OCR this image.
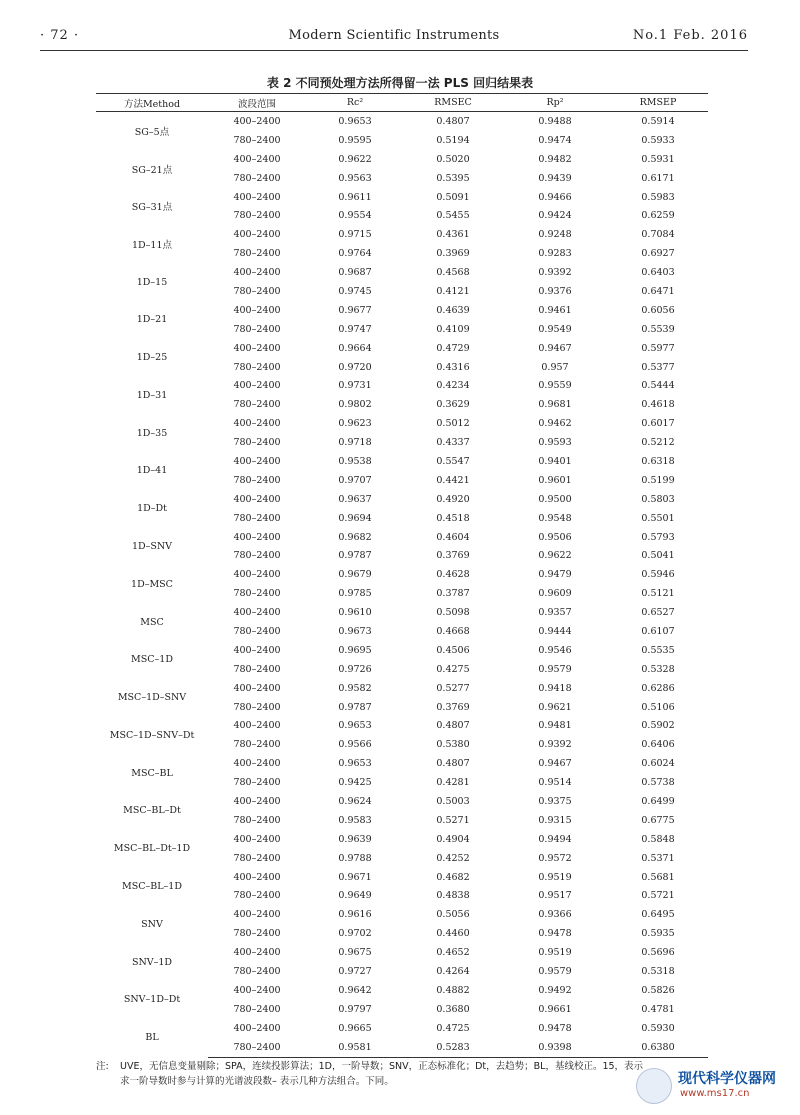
· 72 ·	Modern Scientific Instruments	No.1 Feb. 2016
表 2 不同预处理方法所得留一法 PLS 回归结果表
方法Method	波段范围	Rc²	RMSEC	Rp²	RMSEP
SG–5点	400–2400	0.9653	0.4807	0.9488	0.5914
	780–2400	0.9595	0.5194	0.9474	0.5933
SG–21点	400–2400	0.9622	0.5020	0.9482	0.5931
	780–2400	0.9563	0.5395	0.9439	0.6171
SG–31点	400–2400	0.9611	0.5091	0.9466	0.5983
	780–2400	0.9554	0.5455	0.9424	0.6259
1D–11点	400–2400	0.9715	0.4361	0.9248	0.7084
	780–2400	0.9764	0.3969	0.9283	0.6927
1D–15	400–2400	0.9687	0.4568	0.9392	0.6403
	780–2400	0.9745	0.4121	0.9376	0.6471
1D–21	400–2400	0.9677	0.4639	0.9461	0.6056
	780–2400	0.9747	0.4109	0.9549	0.5539
1D–25	400–2400	0.9664	0.4729	0.9467	0.5977
	780–2400	0.9720	0.4316	0.957	0.5377
1D–31	400–2400	0.9731	0.4234	0.9559	0.5444
	780–2400	0.9802	0.3629	0.9681	0.4618
1D–35	400–2400	0.9623	0.5012	0.9462	0.6017
	780–2400	0.9718	0.4337	0.9593	0.5212
1D–41	400–2400	0.9538	0.5547	0.9401	0.6318
	780–2400	0.9707	0.4421	0.9601	0.5199
1D–Dt	400–2400	0.9637	0.4920	0.9500	0.5803
	780–2400	0.9694	0.4518	0.9548	0.5501
1D–SNV	400–2400	0.9682	0.4604	0.9506	0.5793
	780–2400	0.9787	0.3769	0.9622	0.5041
1D–MSC	400–2400	0.9679	0.4628	0.9479	0.5946
	780–2400	0.9785	0.3787	0.9609	0.5121
MSC	400–2400	0.9610	0.5098	0.9357	0.6527
	780–2400	0.9673	0.4668	0.9444	0.6107
MSC–1D	400–2400	0.9695	0.4506	0.9546	0.5535
	780–2400	0.9726	0.4275	0.9579	0.5328
MSC–1D–SNV	400–2400	0.9582	0.5277	0.9418	0.6286
	780–2400	0.9787	0.3769	0.9621	0.5106
MSC–1D–SNV–Dt	400–2400	0.9653	0.4807	0.9481	0.5902
	780–2400	0.9566	0.5380	0.9392	0.6406
MSC–BL	400–2400	0.9653	0.4807	0.9467	0.6024
	780–2400	0.9425	0.4281	0.9514	0.5738
MSC–BL–Dt	400–2400	0.9624	0.5003	0.9375	0.6499
	780–2400	0.9583	0.5271	0.9315	0.6775
MSC–BL–Dt–1D	400–2400	0.9639	0.4904	0.9494	0.5848
	780–2400	0.9788	0.4252	0.9572	0.5371
MSC–BL–1D	400–2400	0.9671	0.4682	0.9519	0.5681
	780–2400	0.9649	0.4838	0.9517	0.5721
SNV	400–2400	0.9616	0.5056	0.9366	0.6495
	780–2400	0.9702	0.4460	0.9478	0.5935
SNV–1D	400–2400	0.9675	0.4652	0.9519	0.5696
	780–2400	0.9727	0.4264	0.9579	0.5318
SNV–1D–Dt	400–2400	0.9642	0.4882	0.9492	0.5826
	780–2400	0.9797	0.3680	0.9661	0.4781
BL	400–2400	0.9665	0.4725	0.9478	0.5930
	780–2400	0.9581	0.5283	0.9398	0.6380
注:	UVE，无信息变量剔除；SPA，连续投影算法；1D，一阶导数；SNV，正态标准化；Dt，去趋势；BL，基线校正。15，表示
求一阶导数时参与计算的光谱波段数– 表示几种方法组合。下同。	现代科学仪器网
www.ms17.cn
